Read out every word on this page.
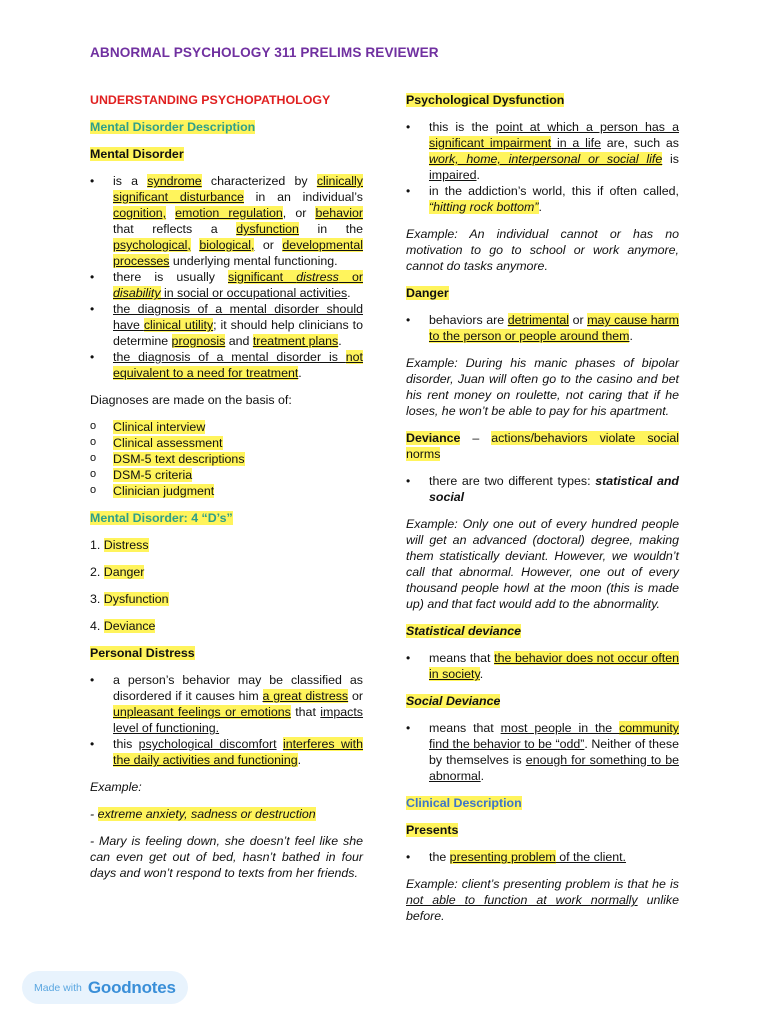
ABNORMAL PSYCHOLOGY 311 PRELIMS REVIEWER
UNDERSTANDING PSYCHOPATHOLOGY
Mental Disorder Description
Mental Disorder
• is a syndrome characterized by clinically significant disturbance in an individual’s cognition, emotion regulation, or behavior that reflects a dysfunction in the psychological, biological, or developmental processes underlying mental functioning.
• there is usually significant distress or disability in social or occupational activities.
• the diagnosis of a mental disorder should have clinical utility; it should help clinicians to determine prognosis and treatment plans.
• the diagnosis of a mental disorder is not equivalent to a need for treatment.

Diagnoses are made on the basis of:

o Clinical interview
o Clinical assessment
o DSM-5 text descriptions
o DSM-5 criteria
o Clinician judgment
Mental Disorder: 4 “D’s”

1. Distress

2. Danger

3. Dysfunction

4. Deviance

Personal Distress
• a person’s behavior may be classified as disordered if it causes him a great distress or unpleasant feelings or emotions that impacts level of functioning.
• this psychological discomfort interferes with the daily activities and functioning.

Example:

- extreme anxiety, sadness or destruction

- Mary is feeling down, she doesn’t feel like she can even get out of bed, hasn’t bathed in four days and won’t respond to texts from her friends.

Psychological Dysfunction
• this is the point at which a person has a significant impairment in a life are, such as work, home, interpersonal or social life is impaired.
• in the addiction’s world, this if often called, “hitting rock bottom”.

Example: An individual cannot or has no motivation to go to school or work anymore, cannot do tasks anymore.

Danger
• behaviors are detrimental or may cause harm to the person or people around them.

Example: During his manic phases of bipolar disorder, Juan will often go to the casino and bet his rent money on roulette, not caring that if he loses, he won’t be able to pay for his apartment.

Deviance – actions/behaviors violate social norms

• there are two different types: statistical and social

Example: Only one out of every hundred people will get an advanced (doctoral) degree, making them statistically deviant. However, we wouldn’t call that abnormal. However, one out of every thousand people howl at the moon (this is made up) and that fact would add to the abnormality.

Statistical deviance
• means that the behavior does not occur often in society.
Social Deviance
• means that most people in the community find the behavior to be “odd”. Neither of these by themselves is enough for something to be abnormal.
Clinical Description
Presents
• the presenting problem of the client.

Example: client’s presenting problem is that he is not able to function at work normally unlike before.

Made with Goodnotes
